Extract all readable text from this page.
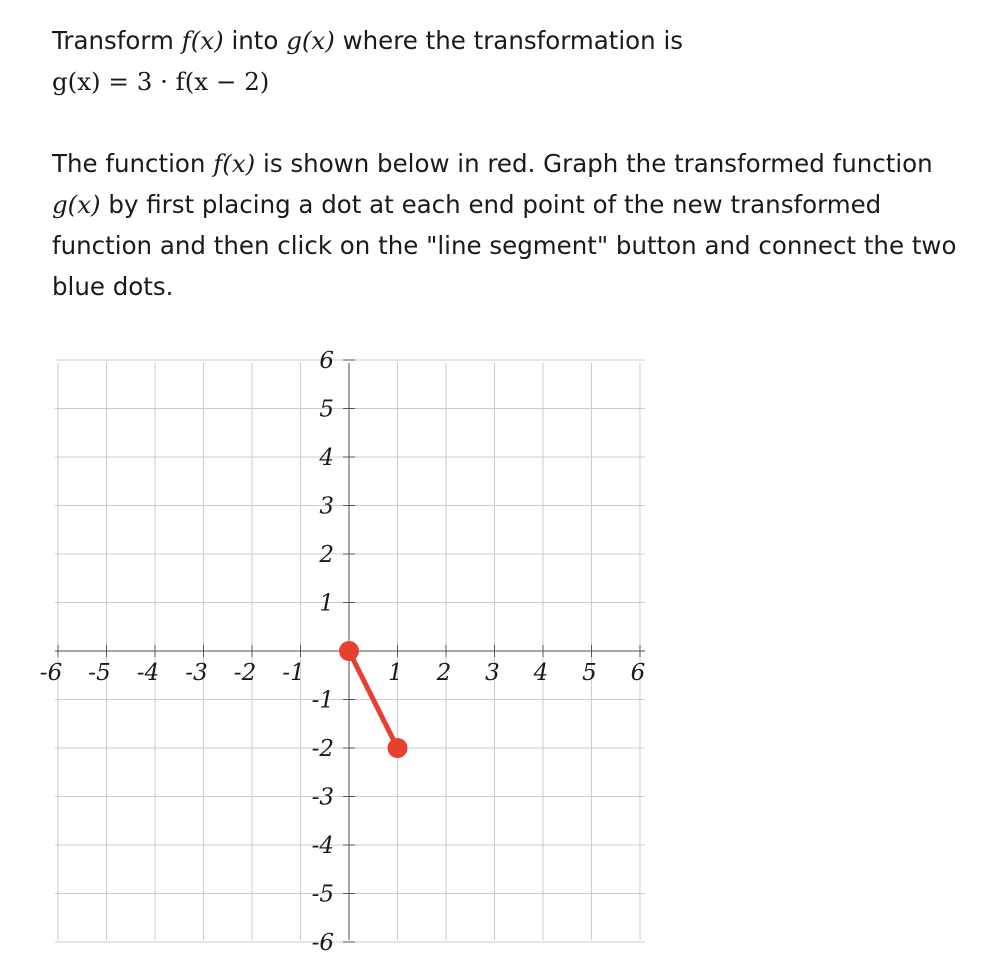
Transform f(x) into g(x) where the transformation is
g(x) = 3 · f(x − 2)

The function f(x) is shown below in red. Graph the transformed function g(x) by first placing a dot at each end point of the new transformed function and then click on the "line segment" button and connect the two blue dots.

-6 -5 -4 -3 -2 -1	1 2 3 4 5 6
6
5
4
3
2
1
-1
-2
-3
-4
-5
-6
